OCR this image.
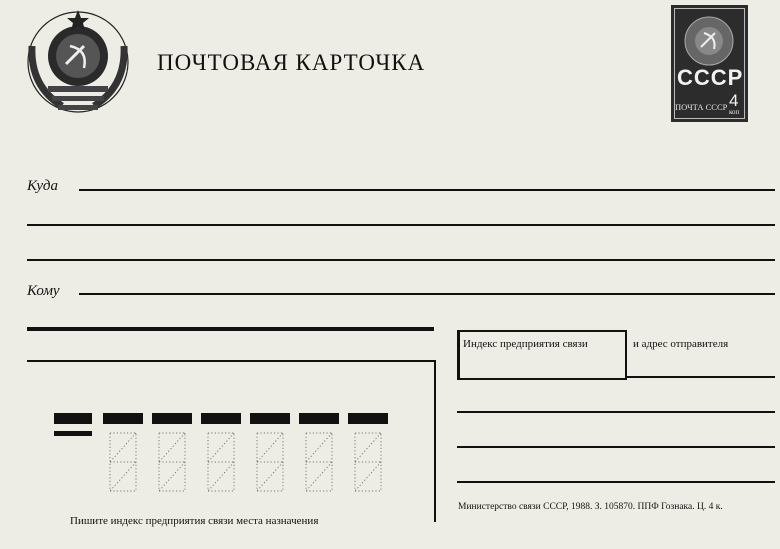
ПОЧТОВАЯ КАРТОЧКА
СССР
ПОЧТА СССР 4
коп
Куда
Кому
Пишите индекс предприятия связи места назначения
Индекс предприятия связи	и адрес отправителя
Министерство связи СССР, 1988. З. 105870. ППФ Гознака. Ц. 4 к.
